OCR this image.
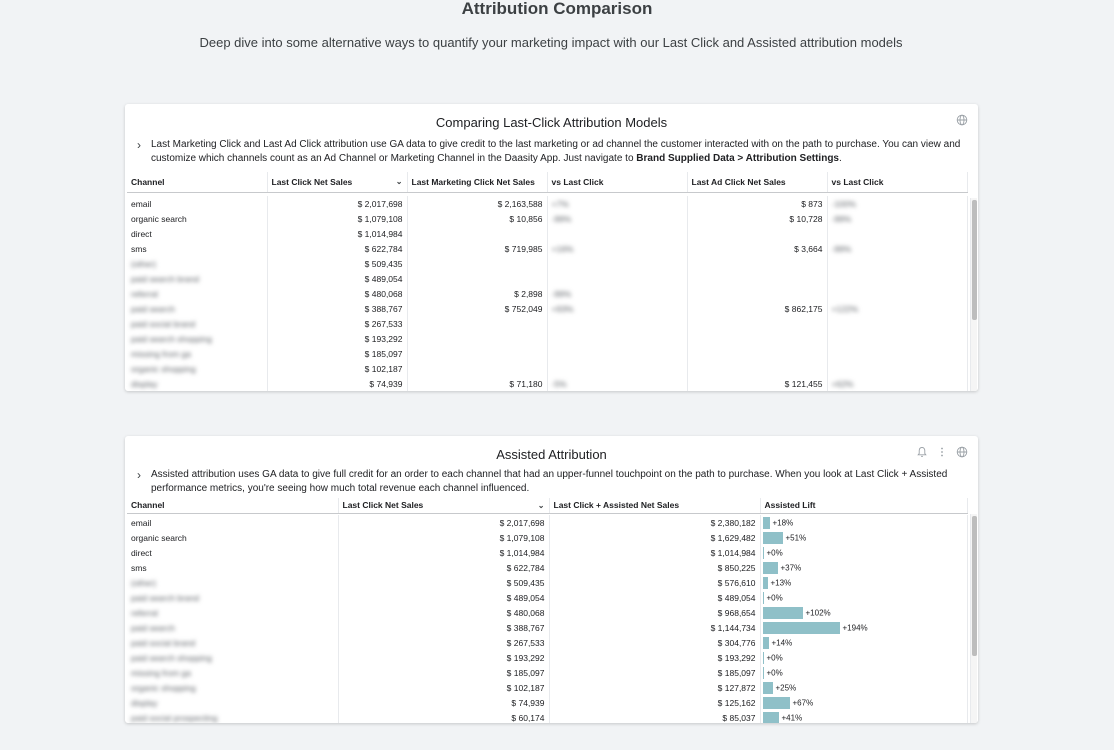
Attribution Comparison
Deep dive into some alternative ways to quantify your marketing impact with our Last Click and Assisted attribution models
Comparing Last-Click Attribution Models
› Last Marketing Click and Last Ad Click attribution use GA data to give credit to the last marketing or ad channel the customer interacted with on the path to purchase. You can view and customize which channels count as an Ad Channel or Marketing Channel in the Daasity App. Just navigate to Brand Supplied Data > Attribution Settings.
Channel	Last Click Net Sales ⌄	Last Marketing Click Net Sales	vs Last Click	Last Ad Click Net Sales	vs Last Click

email	$ 2,017,698	$ 2,163,588	+7%	$ 873	-100%
organic search	$ 1,079,108	$ 10,856	-99%	$ 10,728	-99%
direct	$ 1,014,984				
sms	$ 622,784	$ 719,985	+16%	$ 3,664	-99%
(other)	$ 509,435				
paid search brand	$ 489,054				
referral	$ 480,068	$ 2,898	-99%		
paid search	$ 388,767	$ 752,049	+93%	$ 862,175	+122%
paid social brand	$ 267,533				
paid search shopping	$ 193,292				
missing from ga	$ 185,097				
organic shopping	$ 102,187				
display	$ 74,939	$ 71,180	-5%	$ 121,455	+62%
Assisted Attribution
› Assisted attribution uses GA data to give full credit for an order to each channel that had an upper-funnel touchpoint on the path to purchase. When you look at Last Click + Assisted performance metrics, you're seeing how much total revenue each channel influenced.
Channel	Last Click Net Sales ⌄	Last Click + Assisted Net Sales	Assisted Lift

email	$ 2,017,698	$ 2,380,182	+18%
organic search	$ 1,079,108	$ 1,629,482	+51%
direct	$ 1,014,984	$ 1,014,984	+0%
sms	$ 622,784	$ 850,225	+37%
(other)	$ 509,435	$ 576,610	+13%
paid search brand	$ 489,054	$ 489,054	+0%
referral	$ 480,068	$ 968,654	+102%
paid search	$ 388,767	$ 1,144,734	+194%
paid social brand	$ 267,533	$ 304,776	+14%
paid search shopping	$ 193,292	$ 193,292	+0%
missing from ga	$ 185,097	$ 185,097	+0%
organic shopping	$ 102,187	$ 127,872	+25%
display	$ 74,939	$ 125,162	+67%
paid social prospecting	$ 60,174	$ 85,037	+41%
